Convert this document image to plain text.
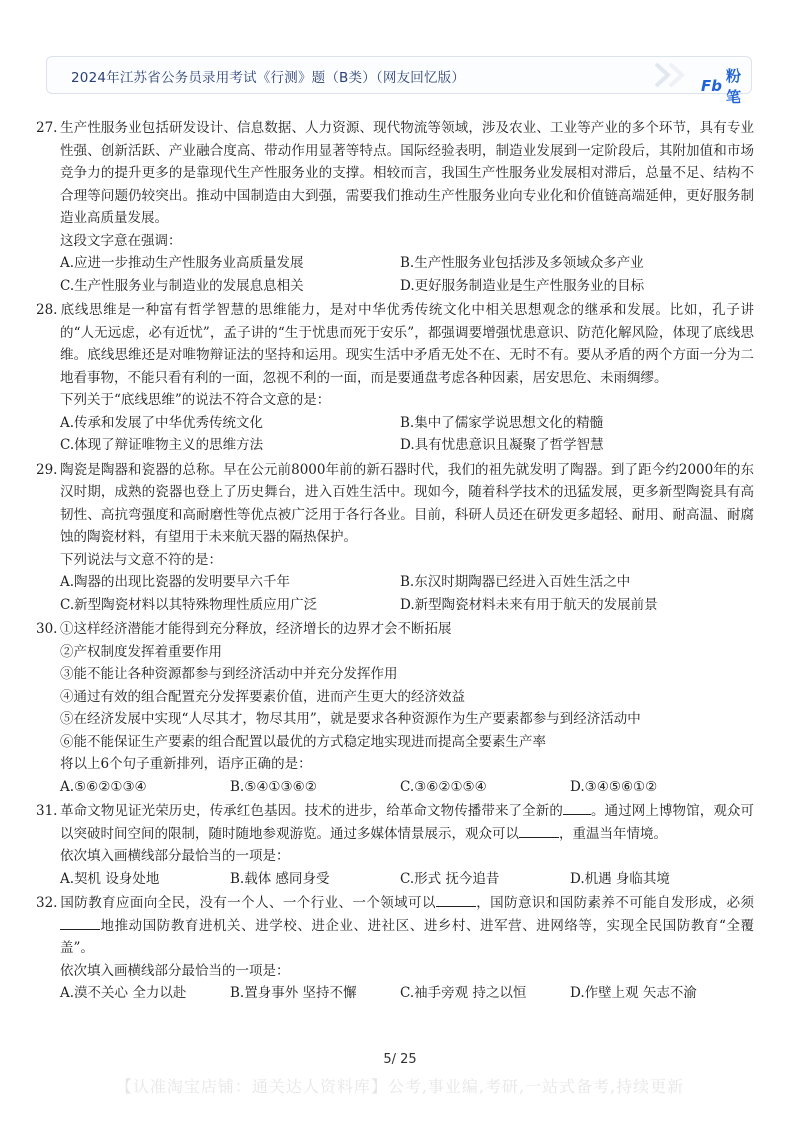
2024年江苏省公务员录用考试《行测》题（B类）（网友回忆版）	Fb
粉笔
27. 生产性服务业包括研发设计、信息数据、人力资源、现代物流等领域，涉及农业、工业等产业的多个环节，具有专业性强、创新活跃、产业融合度高、带动作用显著等特点。国际经验表明，制造业发展到一定阶段后，其附加值和市场竞争力的提升更多的是靠现代生产性服务业的支撑。相较而言，我国生产性服务业发展相对滞后，总量不足、结构不合理等问题仍较突出。推动中国制造由大到强，需要我们推动生产性服务业向专业化和价值链高端延伸，更好服务制造业高质量发展。
这段文字意在强调：
A.应进一步推动生产性服务业高质量发展	B.生产性服务业包括涉及多领域众多产业
C.生产性服务业与制造业的发展息息相关	D.更好服务制造业是生产性服务业的目标
28. 底线思维是一种富有哲学智慧的思维能力，是对中华优秀传统文化中相关思想观念的继承和发展。比如，孔子讲的“人无远虑，必有近忧”，孟子讲的“生于忧患而死于安乐”，都强调要增强忧患意识、防范化解风险，体现了底线思维。底线思维还是对唯物辩证法的坚持和运用。现实生活中矛盾无处不在、无时不有。要从矛盾的两个方面一分为二地看事物，不能只看有利的一面，忽视不利的一面，而是要通盘考虑各种因素，居安思危、未雨绸缪。
下列关于“底线思维”的说法不符合文意的是：
A.传承和发展了中华优秀传统文化	B.集中了儒家学说思想文化的精髓
C.体现了辩证唯物主义的思维方法	D.具有忧患意识且凝聚了哲学智慧
29. 陶瓷是陶器和瓷器的总称。早在公元前8000年前的新石器时代，我们的祖先就发明了陶器。到了距今约2000年的东汉时期，成熟的瓷器也登上了历史舞台，进入百姓生活中。现如今，随着科学技术的迅猛发展，更多新型陶瓷具有高韧性、高抗弯强度和高耐磨性等优点被广泛用于各行各业。目前，科研人员还在研发更多超轻、耐用、耐高温、耐腐蚀的陶瓷材料，有望用于未来航天器的隔热保护。
下列说法与文意不符的是：
A.陶器的出现比瓷器的发明要早六千年	B.东汉时期陶器已经进入百姓生活之中
C.新型陶瓷材料以其特殊物理性质应用广泛	D.新型陶瓷材料未来有用于航天的发展前景
30. ①这样经济潜能才能得到充分释放，经济增长的边界才会不断拓展
②产权制度发挥着重要作用
③能不能让各种资源都参与到经济活动中并充分发挥作用
④通过有效的组合配置充分发挥要素价值，进而产生更大的经济效益
⑤在经济发展中实现“人尽其才，物尽其用”，就是要求各种资源作为生产要素都参与到经济活动中
⑥能不能保证生产要素的组合配置以最优的方式稳定地实现进而提高全要素生产率
将以上6个句子重新排列，语序正确的是：
A.⑤⑥②①③④	B.⑤④①③⑥②	C.③⑥②①⑤④	D.③④⑤⑥①②
31. 革命文物见证光荣历史，传承红色基因。技术的进步，给革命文物传播带来了全新的 。通过网上博物馆，观众可以突破时间空间的限制，随时随地参观游览。通过多媒体情景展示，观众可以	，重温当年情境。
依次填入画横线部分最恰当的一项是：
A.契机 设身处地	B.载体 感同身受	C.形式 抚今追昔	D.机遇 身临其境
32. 国防教育应面向全民，没有一个人、一个行业、一个领域可以	，国防意识和国防素养不可能自发形成，必须地推动国防教育进机关、进学校、进企业、进社区、进乡村、进军营、进网络等，实现全民国防教育“全覆盖”。
依次填入画横线部分最恰当的一项是：
A.漠不关心 全力以赴	B.置身事外 坚持不懈	C.袖手旁观 持之以恒	D.作壁上观 矢志不渝
5/ 25
【认准淘宝店铺：通关达人资料库】公考,事业编,考研,一站式备考,持续更新
